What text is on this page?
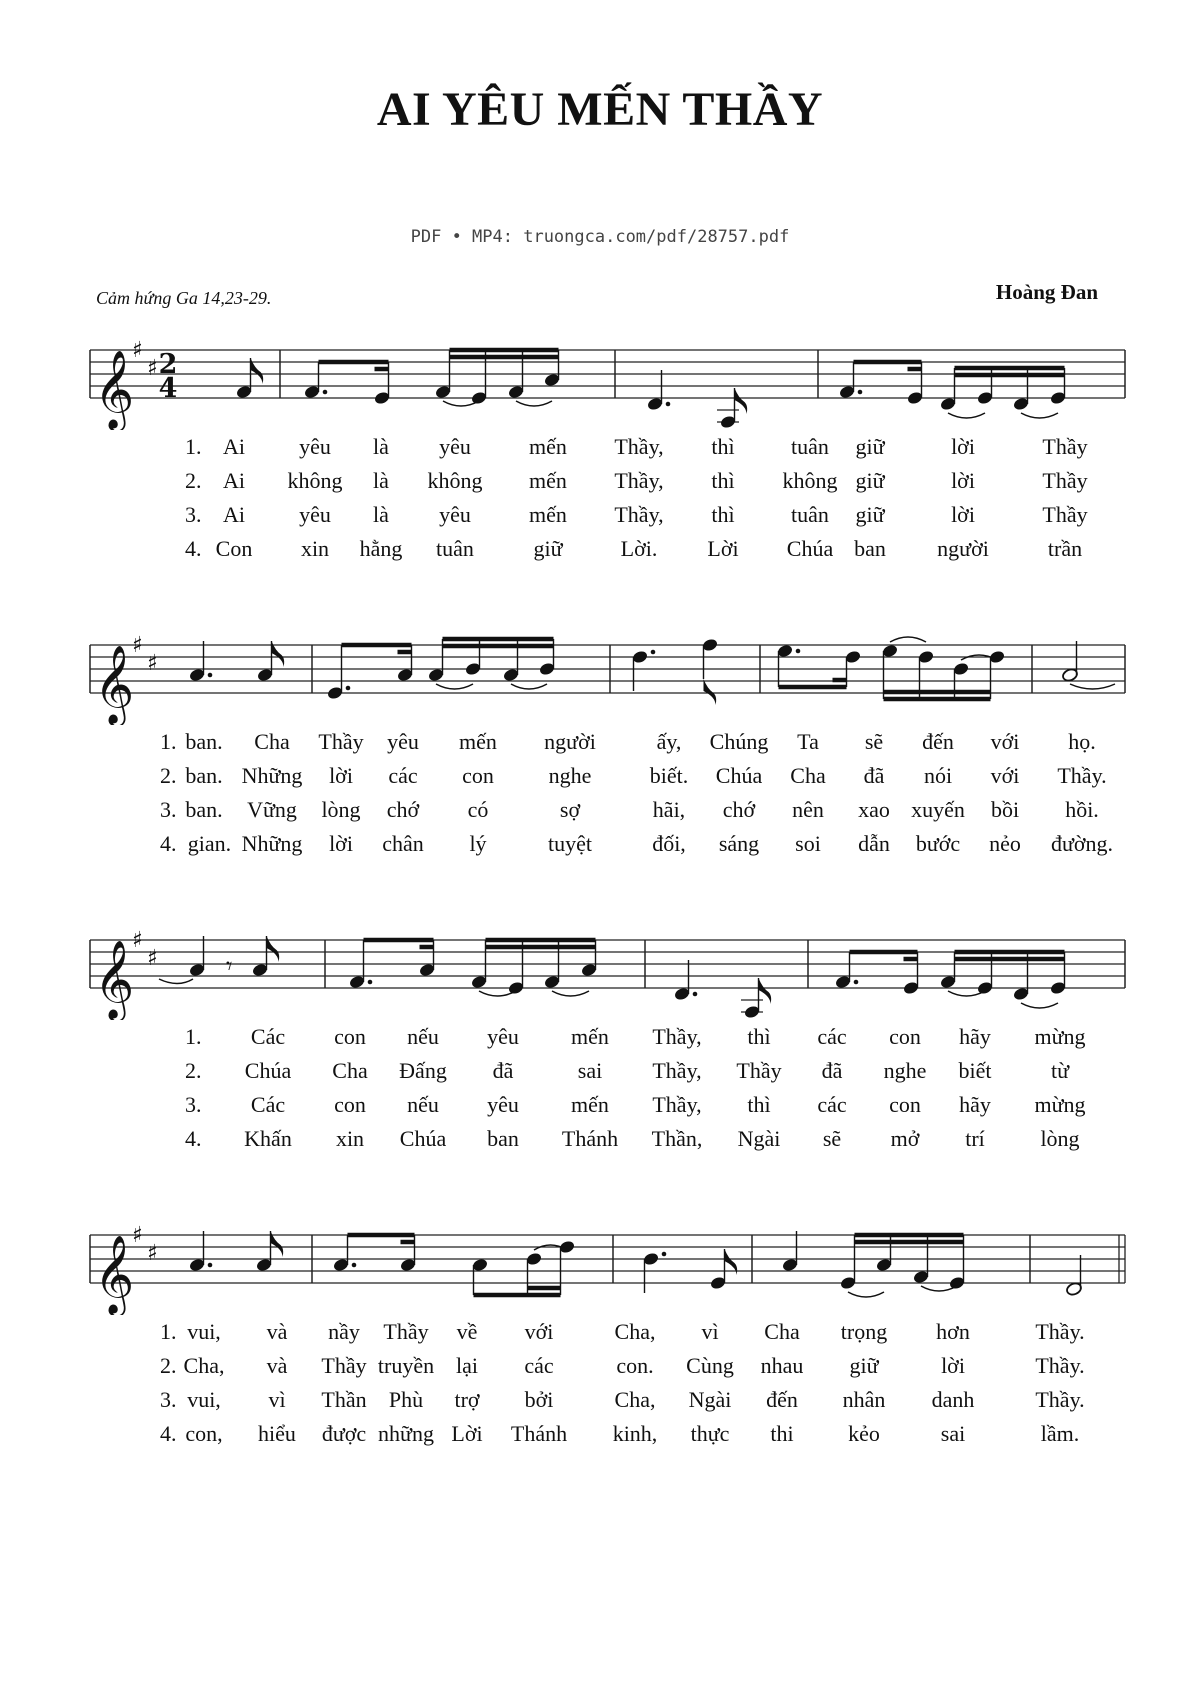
AI YÊU MẾN THẦY
PDF • MP4: truongca.com/pdf/28757.pdf
Cảm hứng Ga 14,23-29.	Hoàng Đan
𝄞
♯
♯ 2
4
1. Ai yêu là yêu	mến Thầy, thì	tuân giữ	lời	Thầy
2. Ai không là không mến Thầy, thì không giữ	lời	Thầy
3. Ai yêu là yêu	mến Thầy, thì	tuân giữ	lời	Thầy
4. Con xin hằng tuân	giữ	Lời. Lời Chúa ban người	trần
𝄞
♯
♯
1. ban. Cha Thầy yêu mến người	ấy, Chúng Ta sẽ đến với họ.
2. ban. Những lời các con nghe	biết. Chúa Cha đã nói với Thầy.
3. ban. Vững lòng chớ có	sợ	hãi, chớ nên xao xuyến bồi hồi.
4. gian. Những lời chân lý	tuyệt	đối, sáng soi dẫn bước nẻo đường.
𝄞
♯
♯	𝄾
1. Các con nếu yêu mến Thầy, thì các con hãy mừng
2. Chúa Cha Đấng đã	sai Thầy, Thầy đã nghe biết	từ
3. Các con nếu yêu mến Thầy, thì các con hãy mừng
4. Khấn xin Chúa ban Thánh Thần, Ngài sẽ mở trí	lòng
𝄞
♯
♯
1. vui, và nầy Thầy về với	Cha, vì Cha trọng hơn	Thầy.
2. Cha, và Thầy truyền lại các	con. Cùng nhau giữ	lời	Thầy.
3. vui, vì Thần Phù trợ bởi	Cha, Ngài đến nhân danh	Thầy.
4. con, hiểu được những Lời Thánh kinh, thực thi kẻo	sai	lầm.
